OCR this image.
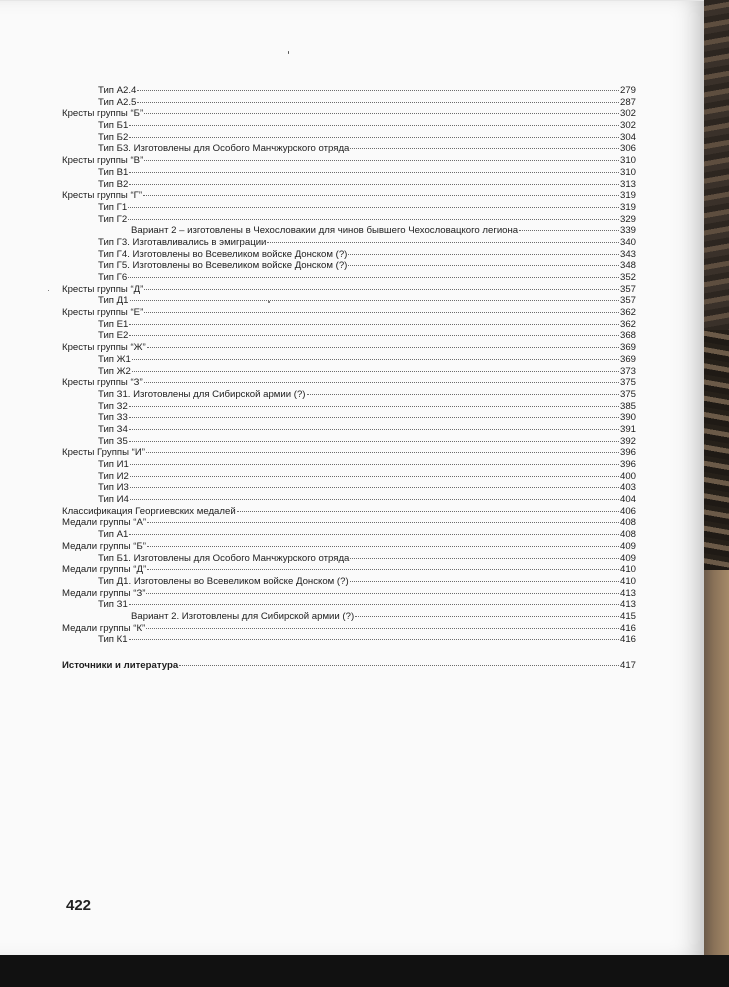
Тип А2.4	279
Тип А2.5	287
Кресты группы “Б”	302
Тип Б1	302
Тип Б2	304
Тип Б3. Изготовлены для Особого Манчжурского отряда	306
Кресты группы “В”	310
Тип В1	310
Тип В2	313
Кресты группы “Г”	319
Тип Г1	319
Тип Г2	329
Вариант 2 – изготовлены в Чехословакии для чинов бывшего Чехословацкого легиона	339
Тип Г3. Изготавливались в эмиграции	340
Тип Г4. Изготовлены во Всевеликом войске Донском (?)	343
Тип Г5. Изготовлены во Всевеликом войске Донском (?)	348
Тип Г6	352
Кресты группы “Д”	357
Тип Д1	357
Кресты группы “Е”	362
Тип Е1	362
Тип Е2	368
Кресты группы “Ж”	369
Тип Ж1	369
Тип Ж2	373
Кресты группы “З”	375
Тип З1. Изготовлены для Сибирской армии (?)	375
Тип З2	385
Тип З3	390
Тип З4	391
Тип З5	392
Кресты Группы “И”	396
Тип И1	396
Тип И2	400
Тип И3	403
Тип И4	404
Классификация Георгиевских медалей	406
Медали группы “А”	408
Тип А1	408
Медали группы “Б”	409
Тип Б1. Изготовлены для Особого Манчжурского отряда	409
Медали группы “Д”	410
Тип Д1. Изготовлены во Всевеликом войске Донском (?)	410
Медали группы “З”	413
Тип З1	413
Вариант 2. Изготовлены для Сибирской армии (?)	415
Медали группы “К”	416
Тип К1	416
Источники и литература	417
422
